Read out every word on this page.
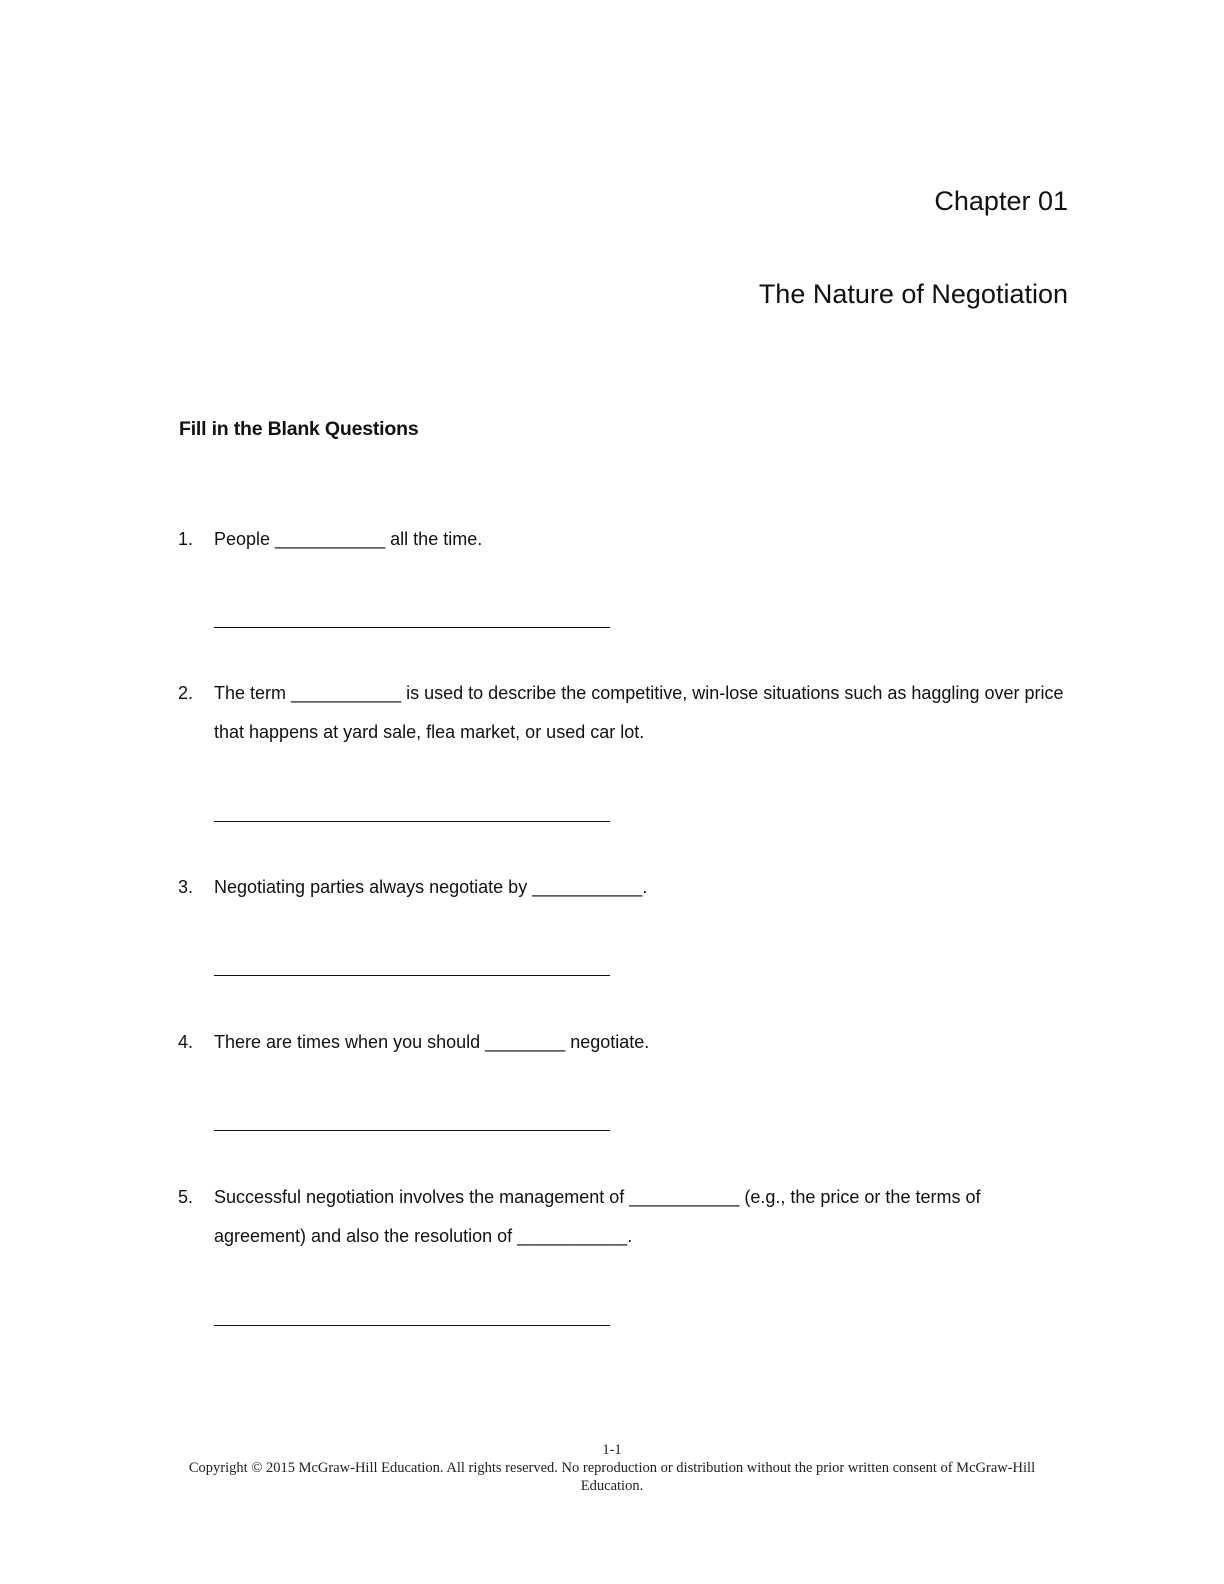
Chapter 01
The Nature of Negotiation
Fill in the Blank Questions
1. People ___________ all the time.
2. The term ___________ is used to describe the competitive, win-lose situations such as haggling over price that happens at yard sale, flea market, or used car lot.
3. Negotiating parties always negotiate by ___________.
4. There are times when you should ________ negotiate.
5. Successful negotiation involves the management of ___________ (e.g., the price or the terms of agreement) and also the resolution of ___________.
1-1
Copyright © 2015 McGraw-Hill Education. All rights reserved. No reproduction or distribution without the prior written consent of McGraw-Hill Education.
